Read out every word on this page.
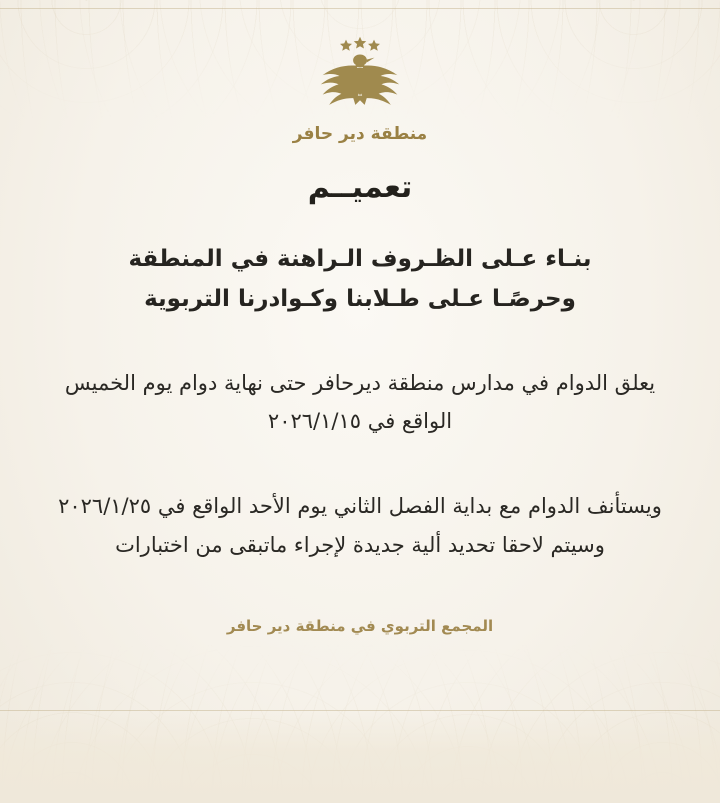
منطقة دير حافر
تعميــم
بنـاء عـلى الظـروف الـراهنة في المنطقة
وحرصًـا عـلى طـلابنا وكـوادرنا التربوية
يعلق الدوام في مدارس منطقة ديرحافر حتى نهاية دوام يوم الخميس الواقع في ٢٠٢٦/١/١٥
ويستأنف الدوام مع بداية الفصل الثاني يوم الأحد الواقع في ٢٠٢٦/١/٢٥ وسيتم لاحقا تحديد ألية جديدة لإجراء ماتبقى من اختبارات
المجمع التربوي في منطقة دير حافر
